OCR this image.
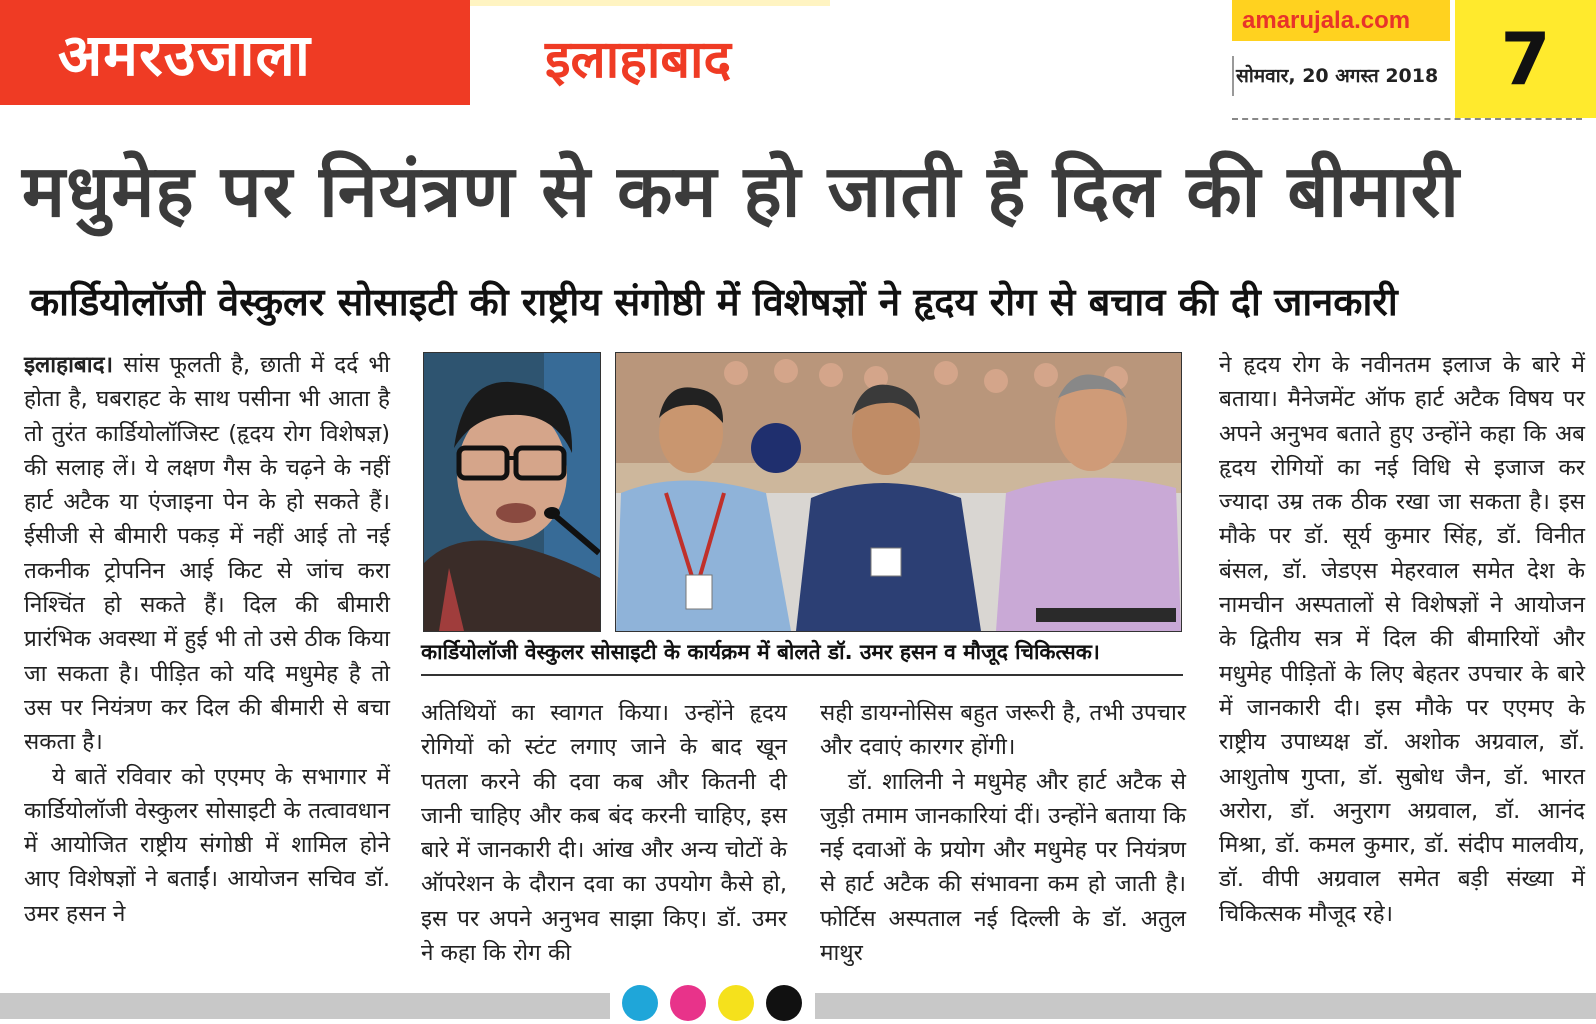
अमरउजाला	इलाहाबाद
amarujala.com
सोमवार, 20 अगस्त 2018 7
मधुमेह पर नियंत्रण से कम हो जाती है दिल की बीमारी
कार्डियोलॉजी वेस्कुलर सोसाइटी की राष्ट्रीय संगोष्ठी में विशेषज्ञों ने हृदय रोग से बचाव की दी जानकारी

इलाहाबाद। सांस फूलती है, छाती में दर्द भी होता है, घबराहट के साथ पसीना भी आता है तो तुरंत कार्डियोलॉजिस्ट (हृदय रोग विशेषज्ञ) की सलाह लें। ये लक्षण गैस के चढ़ने के नहीं हार्ट अटैक या एंजाइना पेन के हो सकते हैं। ईसीजी से बीमारी पकड़ में नहीं आई तो नई तकनीक ट्रोपनिन आई किट से जांच करा निश्चिंत हो सकते हैं। दिल की बीमारी प्रारंभिक अवस्था में हुई भी तो उसे ठीक किया जा सकता है। पीड़ित को यदि मधुमेह है तो उस पर नियंत्रण कर दिल की बीमारी से बचा सकता है।

ये बातें रविवार को एएमए के सभागार में कार्डियोलॉजी वेस्कुलर सोसाइटी के तत्वावधान में आयोजित राष्ट्रीय संगोष्ठी में शामिल होने आए विशेषज्ञों ने बताईं। आयोजन सचिव डॉ. उमर हसन ने

कार्डियोलॉजी वेस्कुलर सोसाइटी के कार्यक्रम में बोलते डॉ. उमर हसन व मौजूद चिकित्सक।

अतिथियों का स्वागत किया। उन्होंने हृदय रोगियों को स्टंट लगाए जाने के बाद खून पतला करने की दवा कब और कितनी दी जानी चाहिए और कब बंद करनी चाहिए, इस बारे में जानकारी दी। आंख और अन्य चोटों के ऑपरेशन के दौरान दवा का उपयोग कैसे हो, इस पर अपने अनुभव साझा किए। डॉ. उमर ने कहा कि रोग की

सही डायग्नोसिस बहुत जरूरी है, तभी उपचार और दवाएं कारगर होंगी।

डॉ. शालिनी ने मधुमेह और हार्ट अटैक से जुड़ी तमाम जानकारियां दीं। उन्होंने बताया कि नई दवाओं के प्रयोग और मधुमेह पर नियंत्रण से हार्ट अटैक की संभावना कम हो जाती है।फोर्टिस अस्पताल नई दिल्ली के डॉ. अतुल माथुर

ने हृदय रोग के नवीनतम इलाज के बारे में बताया। मैनेजमेंट ऑफ हार्ट अटैक विषय पर अपने अनुभव बताते हुए उन्होंने कहा कि अब हृदय रोगियों का नई विधि से इजाज कर ज्यादा उम्र तक ठीक रखा जा सकता है। इस मौके पर डॉ. सूर्य कुमार सिंह, डॉ. विनीत बंसल, डॉ. जेडएस मेहरवाल समेत देश के नामचीन अस्पतालों से विशेषज्ञों ने आयोजन के द्वितीय सत्र में दिल की बीमारियों और मधुमेह पीड़ितों के लिए बेहतर उपचार के बारे में जानकारी दी। इस मौके पर एएमए के राष्ट्रीय उपाध्यक्ष डॉ. अशोक अग्रवाल, डॉ. आशुतोष गुप्ता, डॉ. सुबोध जैन, डॉ. भारत अरोरा, डॉ. अनुराग अग्रवाल, डॉ. आनंद मिश्रा, डॉ. कमल कुमार, डॉ. संदीप मालवीय, डॉ. वीपी अग्रवाल समेत बड़ी संख्या में चिकित्सक मौजूद रहे।
